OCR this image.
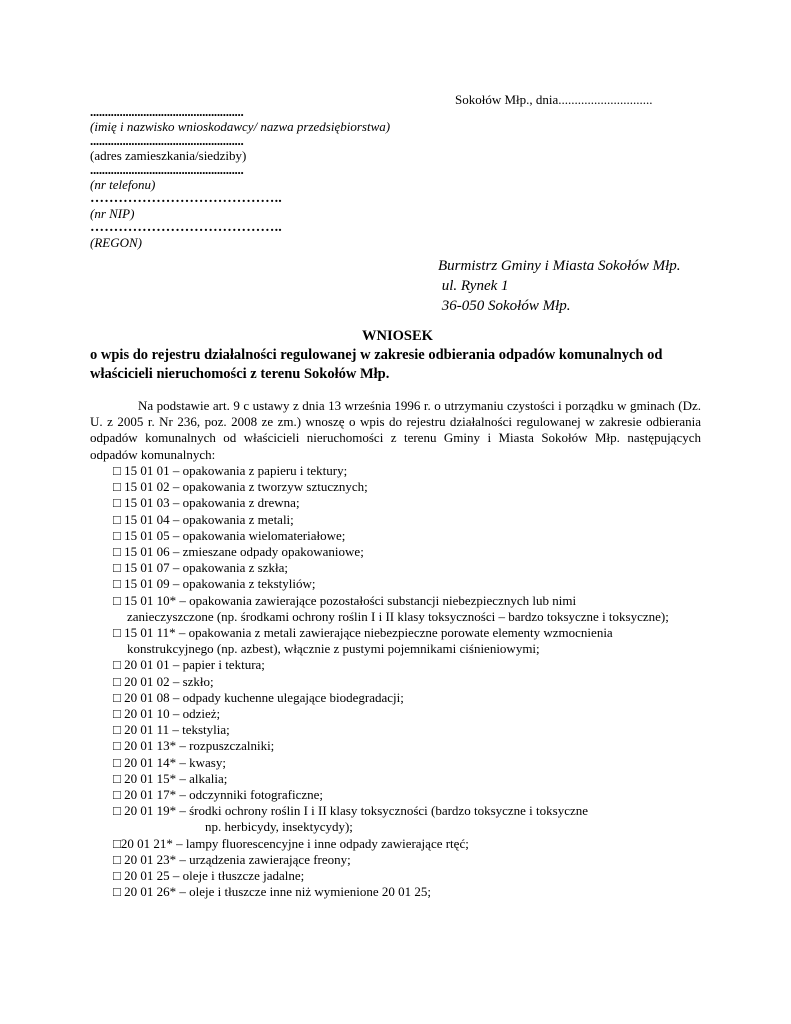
Sokołów Młp., dnia.............................
....................................................
(imię i nazwisko wnioskodawcy/ nazwa przedsiębiorstwa)
....................................................
(adres zamieszkania/siedziby)
....................................................
(nr telefonu)
…………………………………..
(nr NIP)
…………………………………..
(REGON)
Burmistrz Gminy i Miasta Sokołów Młp.
ul. Rynek 1
36-050 Sokołów Młp.
WNIOSEK
o wpis do rejestru działalności regulowanej w zakresie odbierania odpadów komunalnych od właścicieli nieruchomości z terenu Sokołów Młp.
Na podstawie art. 9 c ustawy z dnia 13 września 1996 r. o utrzymaniu czystości i porządku w gminach (Dz. U. z 2005 r. Nr 236, poz. 2008 ze zm.) wnoszę o wpis do rejestru działalności regulowanej w zakresie odbierania odpadów komunalnych od właścicieli nieruchomości z terenu Gminy i Miasta Sokołów Młp. następujących odpadów komunalnych:
□ 15 01 01 – opakowania z papieru i tektury;
□ 15 01 02 – opakowania z tworzyw sztucznych;
□ 15 01 03 – opakowania z drewna;
□ 15 01 04 – opakowania z metali;
□ 15 01 05 – opakowania wielomateriałowe;
□ 15 01 06 – zmieszane odpady opakowaniowe;
□ 15 01 07 – opakowania z szkła;
□ 15 01 09 – opakowania z tekstyliów;
□ 15 01 10* – opakowania zawierające pozostałości substancji niebezpiecznych lub nimi
zanieczyszczone (np. środkami ochrony roślin I i II klasy toksyczności – bardzo toksyczne i toksyczne);
□ 15 01 11* – opakowania z metali zawierające niebezpieczne porowate elementy wzmocnienia
konstrukcyjnego (np. azbest), włącznie z pustymi pojemnikami ciśnieniowymi;
□ 20 01 01 – papier i tektura;
□ 20 01 02 – szkło;
□ 20 01 08 – odpady kuchenne ulegające biodegradacji;
□ 20 01 10 – odzież;
□ 20 01 11 – tekstylia;
□ 20 01 13* – rozpuszczalniki;
□ 20 01 14* – kwasy;
□ 20 01 15* – alkalia;
□ 20 01 17* – odczynniki fotograficzne;
□ 20 01 19* – środki ochrony roślin I i II klasy toksyczności (bardzo toksyczne i toksyczne
np. herbicydy, insektycydy);
□20 01 21* – lampy fluorescencyjne i inne odpady zawierające rtęć;
□ 20 01 23* – urządzenia zawierające freony;
□ 20 01 25 – oleje i tłuszcze jadalne;
□ 20 01 26* – oleje i tłuszcze inne niż wymienione 20 01 25;
